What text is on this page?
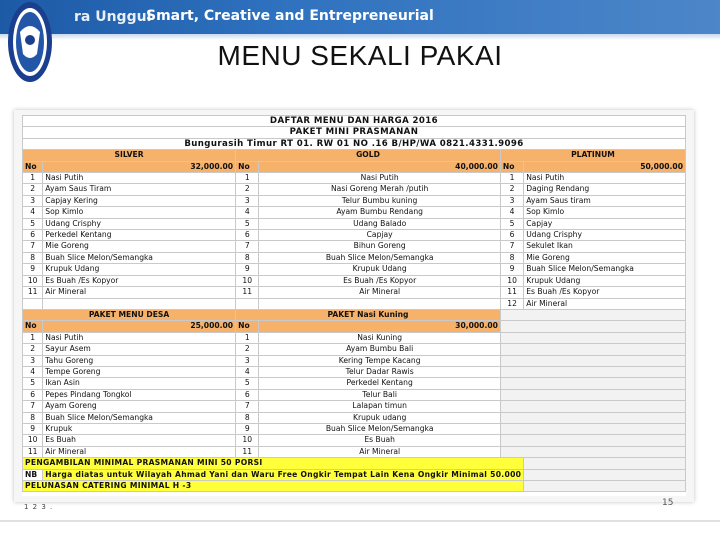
ra Unggul
Smart, Creative and Entrepreneurial
MENU SEKALI PAKAI
DAFTAR MENU DAN HARGA 2016					
PAKET MINI PRASMANAN					
Bungurasih Timur RT 01. RW 01 NO .16 B/HP/WA 0821.4331.9096					
SILVER		GOLD		PLATINUM	
No	32,000.00	No	40,000.00	No	50,000.00
1	Nasi Putih	1	Nasi Putih	1	Nasi Putih
2	Ayam Saus Tiram	2	Nasi Goreng Merah /putih	2	Daging Rendang
3	Capjay Kering	3	Telur Bumbu kuning	3	Ayam Saus tiram
4	Sop Kimlo	4	Ayam Bumbu Rendang	4	Sop Kimlo
5	Udang Crisphy	5	Udang Balado	5	Capjay
6	Perkedel Kentang	6	Capjay	6	Udang Crisphy
7	Mie Goreng	7	Bihun Goreng	7	Sekulet Ikan
8	Buah Slice Melon/Semangka	8	Buah Slice Melon/Semangka	8	Mie Goreng
9	Krupuk Udang	9	Krupuk Udang	9	Buah Slice Melon/Semangka
10	Es Buah /Es Kopyor	10	Es Buah /Es Kopyor	10	Krupuk Udang
11	Air Mineral	11	Air Mineral	11	Es Buah /Es Kopyor
				12	Air Mineral
PAKET MENU DESA		PAKET Nasi Kuning			
No	25,000.00	No	30,000.00		
1	Nasi Putih	1	Nasi Kuning		
2	Sayur Asem	2	Ayam Bumbu Bali		
3	Tahu Goreng	3	Kering Tempe Kacang		
4	Tempe Goreng	4	Telur Dadar Rawis		
5	Ikan Asin	5	Perkedel Kentang		
6	Pepes Pindang Tongkol	6	Telur Bali		
7	Ayam Goreng	7	Lalapan timun		
8	Buah Slice Melon/Semangka	8	Krupuk udang		
9	Krupuk	9	Buah Slice Melon/Semangka		
10	Es Buah	10	Es Buah		
11	Air Mineral	11	Air Mineral		
PENGAMBILAN MINIMAL PRASMANAN MINI 50 PORSI					
NB	Harga diatas untuk Wilayah Ahmad Yani dan Waru Free Ongkir Tempat Lain Kena Ongkir Minimal 50.000				
PELUNASAN CATERING MINIMAL H -3					
1 2 3 .	15
